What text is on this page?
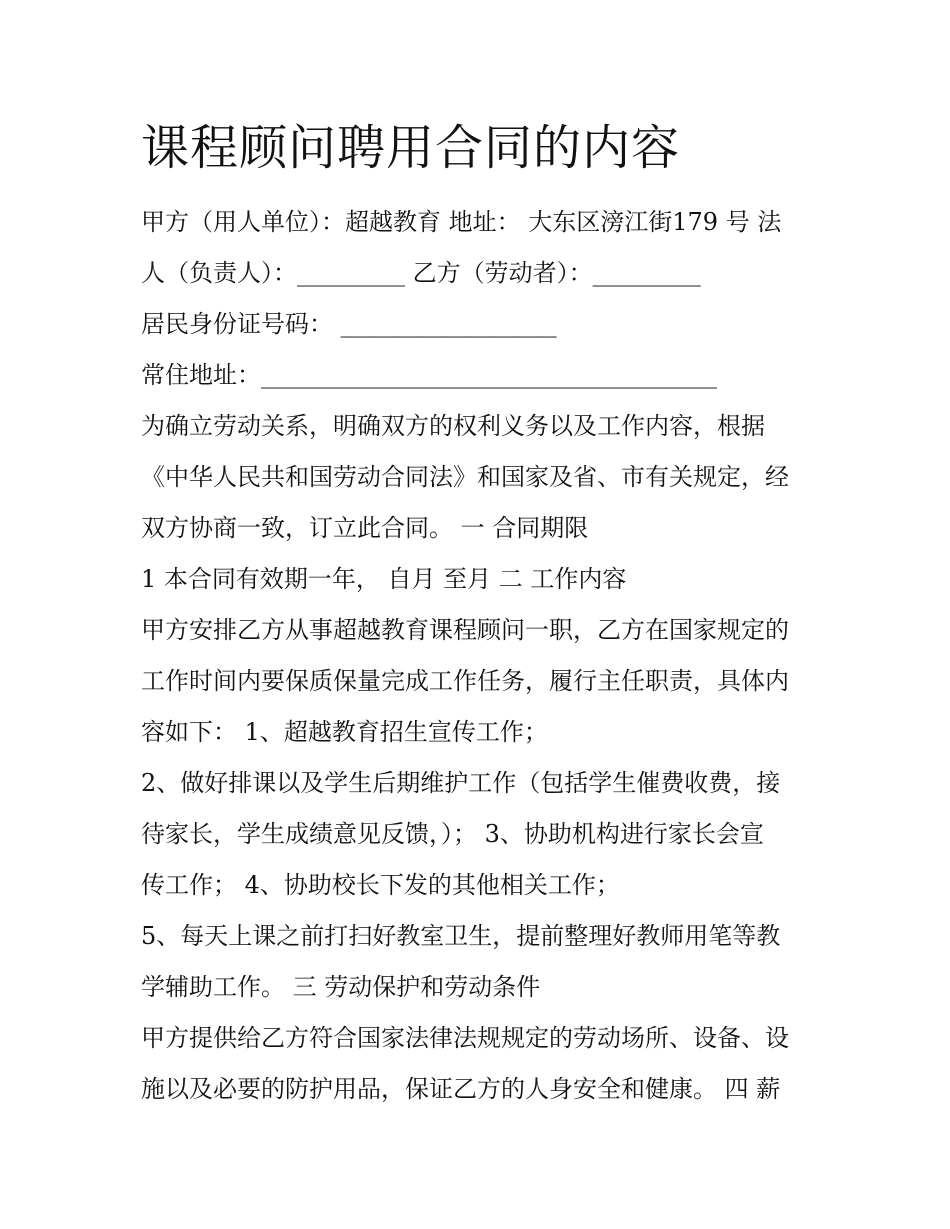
课程顾问聘用合同的内容
甲方（用人单位）：超越教育 地址： 大东区滂江街179 号 法
人（负责人）：_________ 乙方（劳动者）：_________
居民身份证号码： __________________
常住地址：______________________________________
为确立劳动关系，明确双方的权利义务以及工作内容，根据
《中华人民共和国劳动合同法》和国家及省、市有关规定，经
双方协商一致，订立此合同。 一 合同期限
1 本合同有效期一年， 自月 至月 二 工作内容
甲方安排乙方从事超越教育课程顾问一职，乙方在国家规定的
工作时间内要保质保量完成工作任务，履行主任职责，具体内
容如下： 1、超越教育招生宣传工作；
2、做好排课以及学生后期维护工作（包括学生催费收费，接
待家长，学生成绩意见反馈，）； 3、协助机构进行家长会宣
传工作； 4、协助校长下发的其他相关工作；
5、每天上课之前打扫好教室卫生，提前整理好教师用笔等教
学辅助工作。 三 劳动保护和劳动条件
甲方提供给乙方符合国家法律法规规定的劳动场所、设备、设
施以及必要的防护用品，保证乙方的人身安全和健康。 四 薪
